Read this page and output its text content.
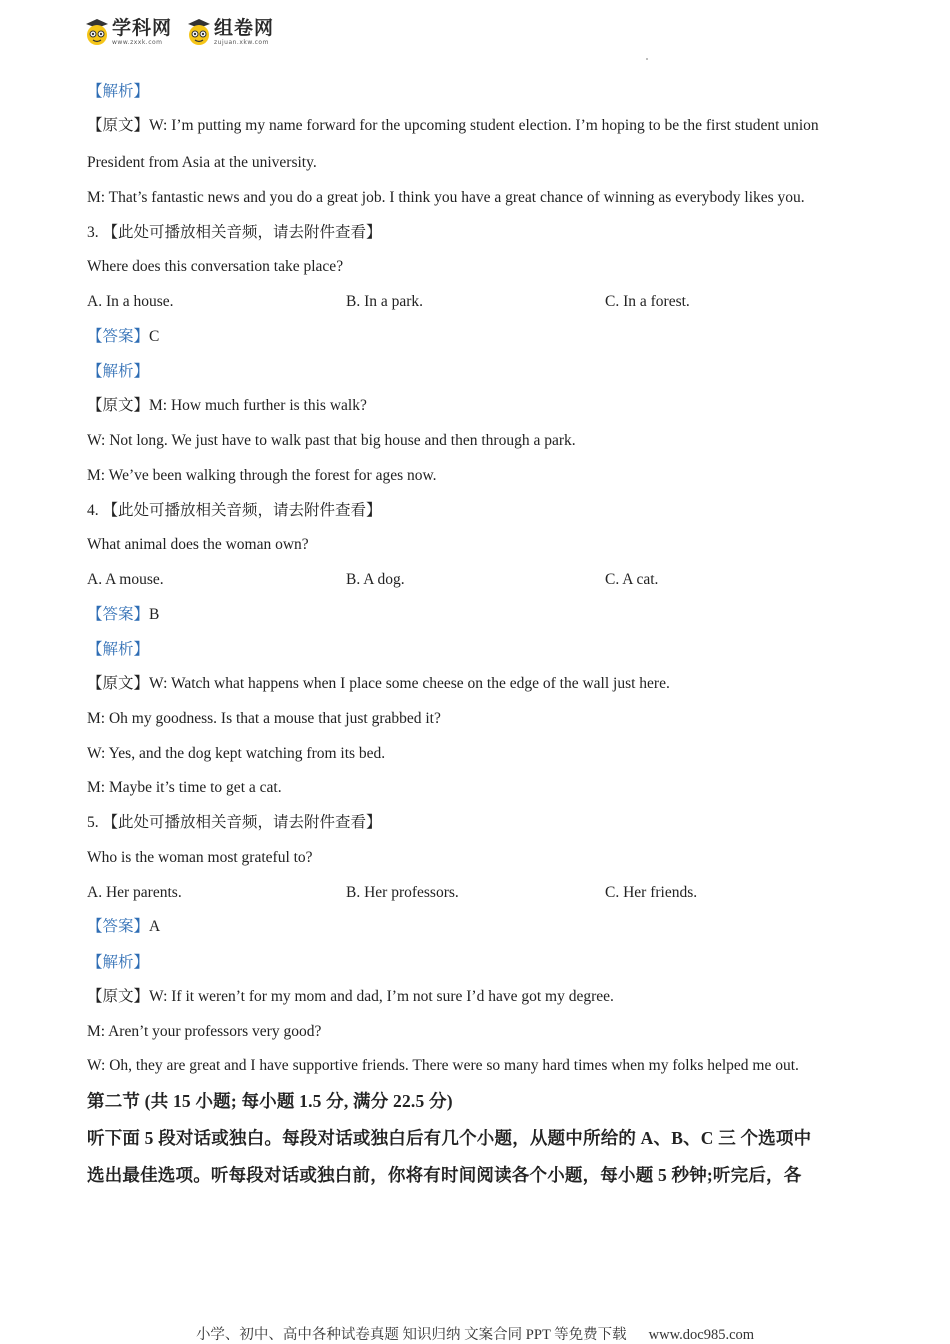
学科网
www.zxxk.com
组卷网
zujuan.xkw.com
【解析】
【原文】W: I’m putting my name forward for the upcoming student election. I’m hoping to be the first student union
President from Asia at the university.
M: That’s fantastic news and you do a great job. I think you have a great chance of winning as everybody likes you.
3. 【此处可播放相关音频，请去附件查看】
Where does this conversation take place?
A. In a house.	B. In a park.	C. In a forest.
【答案】C
【解析】
【原文】M: How much further is this walk?
W: Not long. We just have to walk past that big house and then through a park.
M: We’ve been walking through the forest for ages now.
4. 【此处可播放相关音频，请去附件查看】
What animal does the woman own?
A. A mouse.	B. A dog.	C. A cat.
【答案】B
【解析】
【原文】W: Watch what happens when I place some cheese on the edge of the wall just here.
M: Oh my goodness. Is that a mouse that just grabbed it?
W: Yes, and the dog kept watching from its bed.
M: Maybe it’s time to get a cat.
5. 【此处可播放相关音频，请去附件查看】
Who is the woman most grateful to?
A. Her parents.	B. Her professors.	C. Her friends.
【答案】A
【解析】
【原文】W: If it weren’t for my mom and dad, I’m not sure I’d have got my degree.
M: Aren’t your professors very good?
W: Oh, they are great and I have supportive friends. There were so many hard times when my folks helped me out.
第二节 (共 15 小题; 每小题 1.5 分, 满分 22.5 分)
听下面 5 段对话或独白。每段对话或独白后有几个小题，从题中所给的 A、B、C 三 个选项中
选出最佳选项。听每段对话或独白前，你将有时间阅读各个小题，每小题 5 秒钟;听完后，各
小学、初中、高中各种试卷真题 知识归纳 文案合同 PPT 等免费下载 www.doc985.com
